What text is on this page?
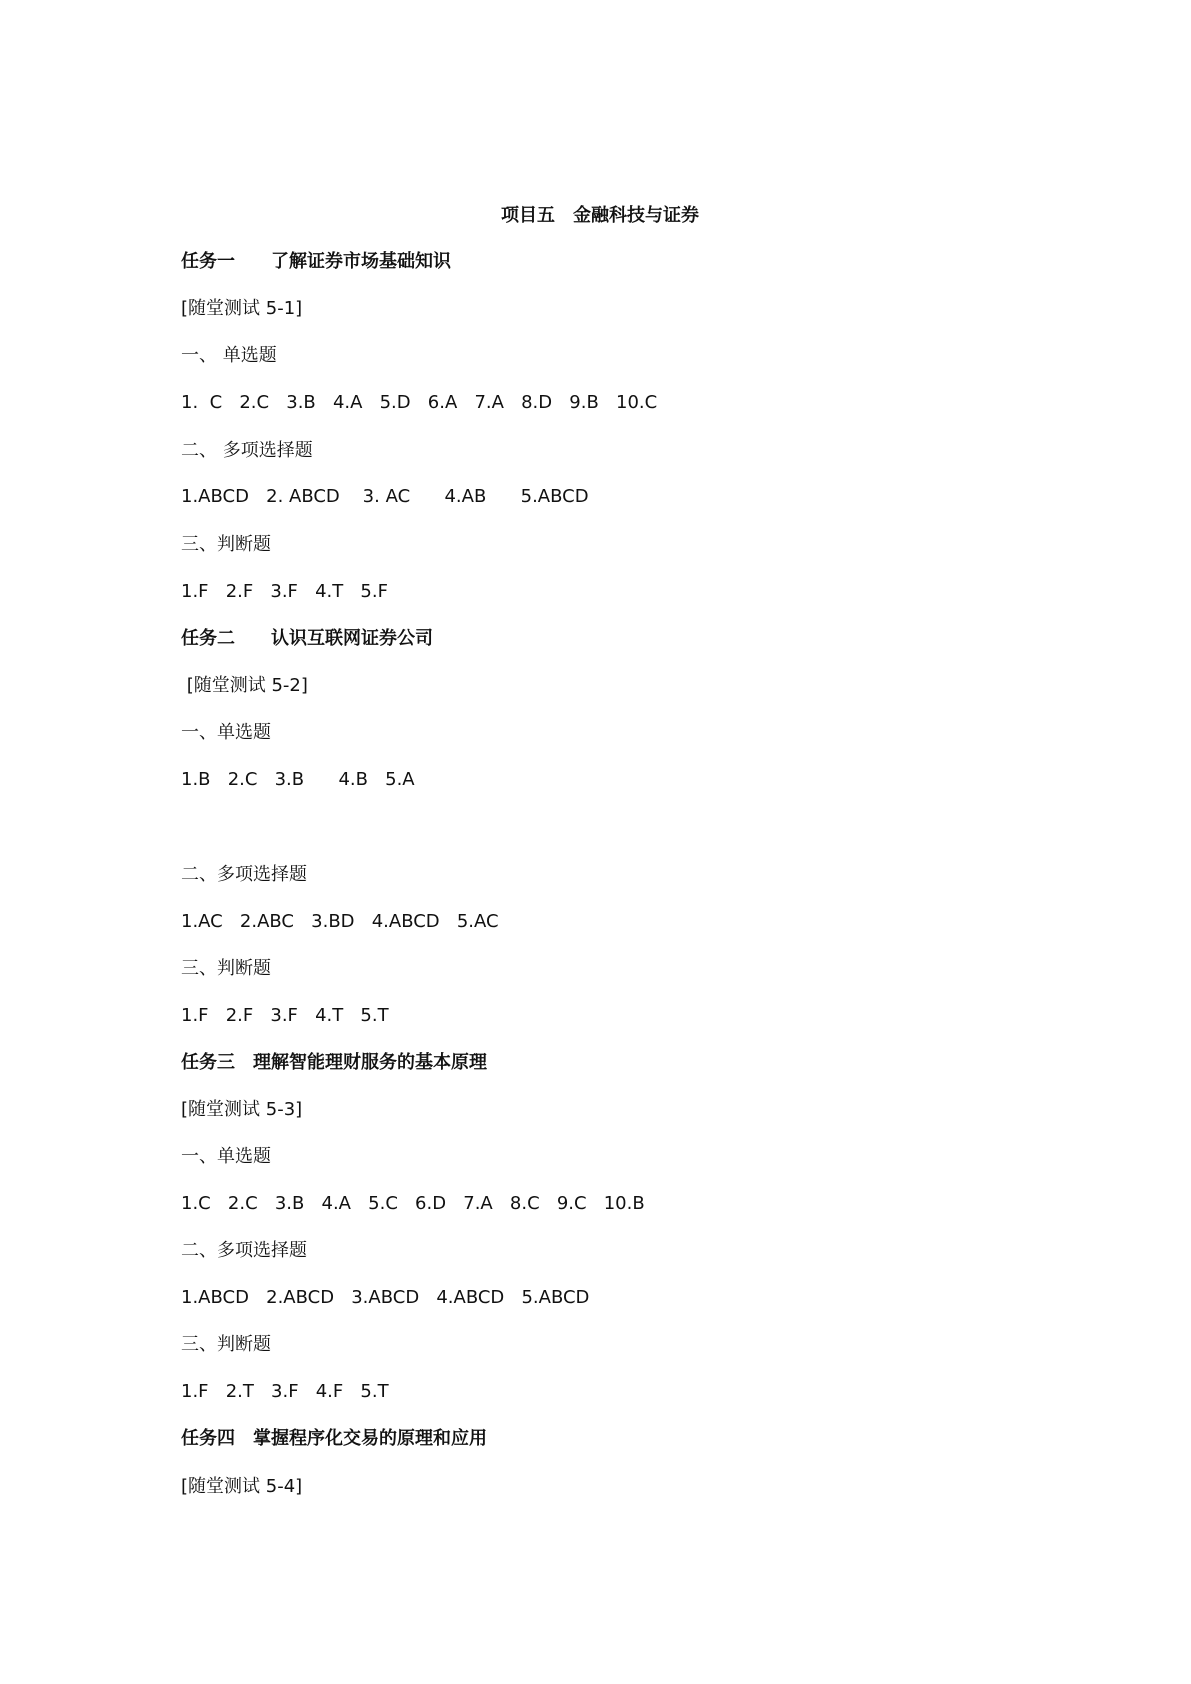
项目五　金融科技与证券

任务一　　了解证券市场基础知识

[随堂测试 5-1]

一、 单选题

1.  C   2.C   3.B   4.A   5.D   6.A   7.A   8.D   9.B   10.C

二、 多项选择题

1.ABCD   2. ABCD    3. AC      4.AB      5.ABCD

三、判断题

1.F   2.F   3.F   4.T   5.F

任务二　　认识互联网证券公司

[随堂测试 5-2]

一、单选题

1.B   2.C   3.B      4.B   5.A

二、多项选择题

1.AC   2.ABC   3.BD   4.ABCD   5.AC

三、判断题

1.F   2.F   3.F   4.T   5.T

任务三　理解智能理财服务的基本原理

[随堂测试 5-3]

一、单选题

1.C   2.C   3.B   4.A   5.C   6.D   7.A   8.C   9.C   10.B

二、多项选择题

1.ABCD   2.ABCD   3.ABCD   4.ABCD   5.ABCD

三、判断题

1.F   2.T   3.F   4.F   5.T

任务四　掌握程序化交易的原理和应用

[随堂测试 5-4]
